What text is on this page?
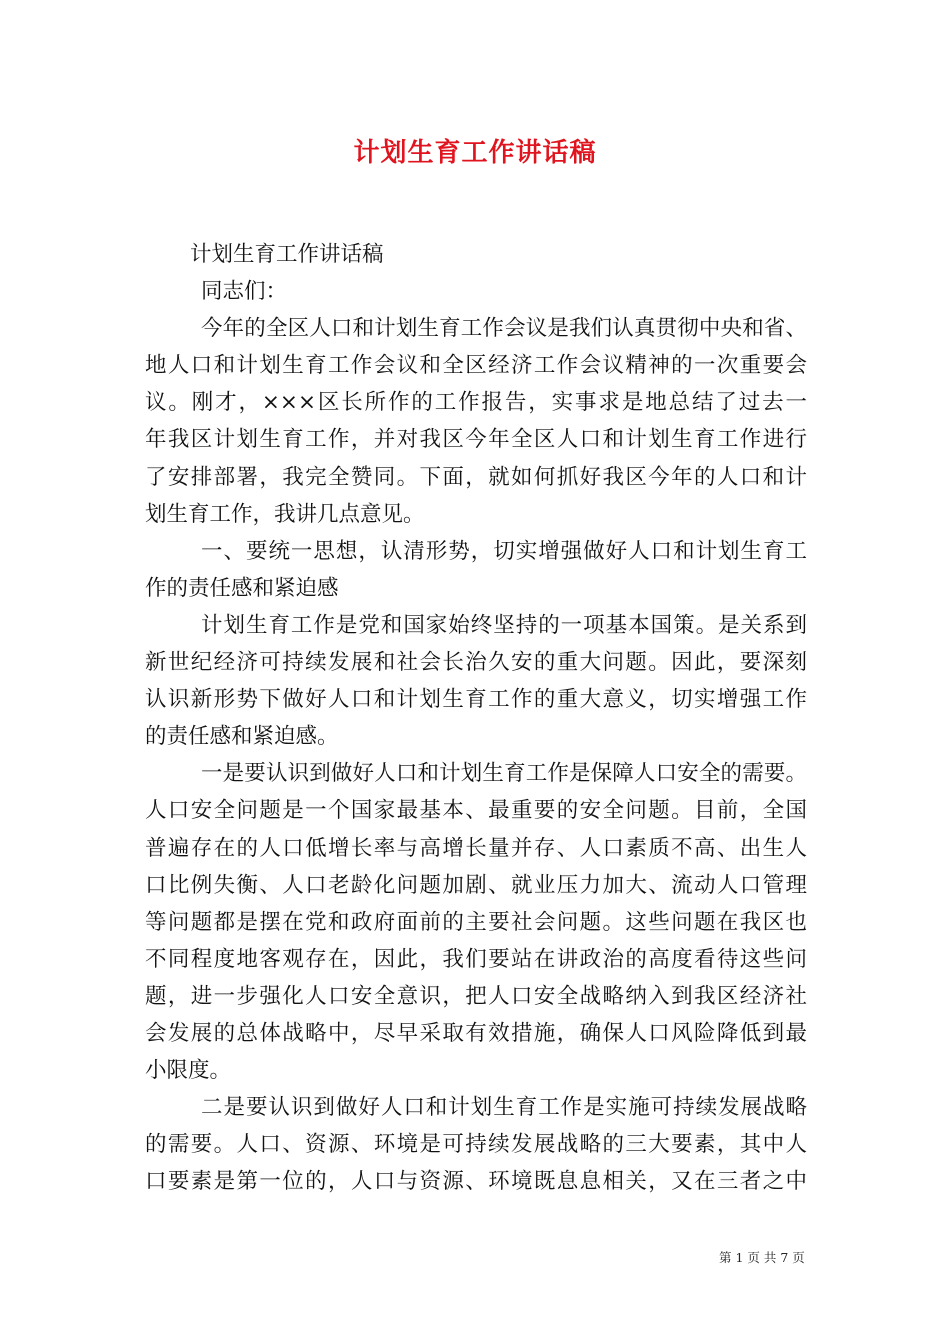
计划生育工作讲话稿
计划生育工作讲话稿
同志们：
今年的全区人口和计划生育工作会议是我们认真贯彻中央和省、
地人口和计划生育工作会议和全区经济工作会议精神的一次重要会
议。刚才，×××区长所作的工作报告，实事求是地总结了过去一
年我区计划生育工作，并对我区今年全区人口和计划生育工作进行
了安排部署，我完全赞同。下面，就如何抓好我区今年的人口和计
划生育工作，我讲几点意见。
一、要统一思想，认清形势，切实增强做好人口和计划生育工
作的责任感和紧迫感
计划生育工作是党和国家始终坚持的一项基本国策。是关系到
新世纪经济可持续发展和社会长治久安的重大问题。因此，要深刻
认识新形势下做好人口和计划生育工作的重大意义，切实增强工作
的责任感和紧迫感。
一是要认识到做好人口和计划生育工作是保障人口安全的需要。
人口安全问题是一个国家最基本、最重要的安全问题。目前，全国
普遍存在的人口低增长率与高增长量并存、人口素质不高、出生人
口比例失衡、人口老龄化问题加剧、就业压力加大、流动人口管理
等问题都是摆在党和政府面前的主要社会问题。这些问题在我区也
不同程度地客观存在，因此，我们要站在讲政治的高度看待这些问
题，进一步强化人口安全意识，把人口安全战略纳入到我区经济社
会发展的总体战略中，尽早采取有效措施，确保人口风险降低到最
小限度。
二是要认识到做好人口和计划生育工作是实施可持续发展战略
的需要。人口、资源、环境是可持续发展战略的三大要素，其中人
口要素是第一位的，人口与资源、环境既息息相关，又在三者之中
第 1 页 共 7 页
